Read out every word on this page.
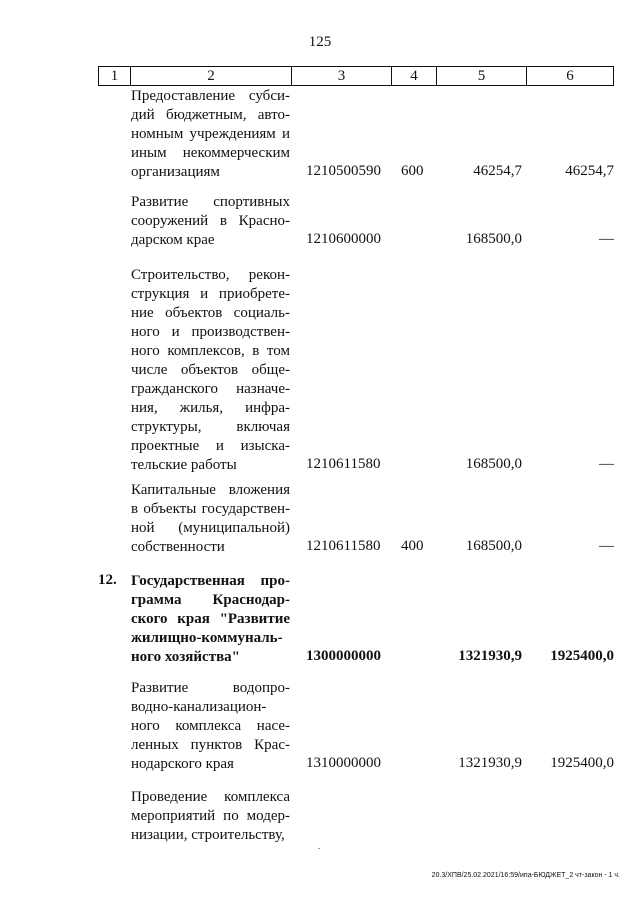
125
1	2	3	4	5	6
Предоставление субси-
дий бюджетным, авто-
номным учреждениям и
иным некоммерческим
организациям	1210500590 600	46254,7	46254,7
Развитие спортивных
сооружений в Красно-
дарском крае	1210600000	168500,0	—
Строительство, рекон-
струкция и приобрете-
ние объектов социаль-
ного и производствен-
ного комплексов, в том
числе объектов обще-
гражданского назначе-
ния, жилья, инфра-
структуры, включая
проектные и изыска-
тельские работы	1210611580	168500,0	—
Капитальные вложения
в объекты государствен-
ной (муниципальной)
собственности	1210611580 400	168500,0	—
12. Государственная про-
грамма Краснодар-
ского края "Развитие
жилищно-коммуналь-
ного хозяйства"	1300000000	1321930,9	1925400,0
Развитие водопро-
водно-канализацион-
ного комплекса насе-
ленных пунктов Крас-
нодарского края	1310000000	1321930,9	1925400,0
Проведение комплекса
мероприятий по модер-
низации, строительству,
20.3/ХПВ/25.02.2021/16:59/ипа-БЮДЖЕТ_2 чт-закон - 1 ч.
